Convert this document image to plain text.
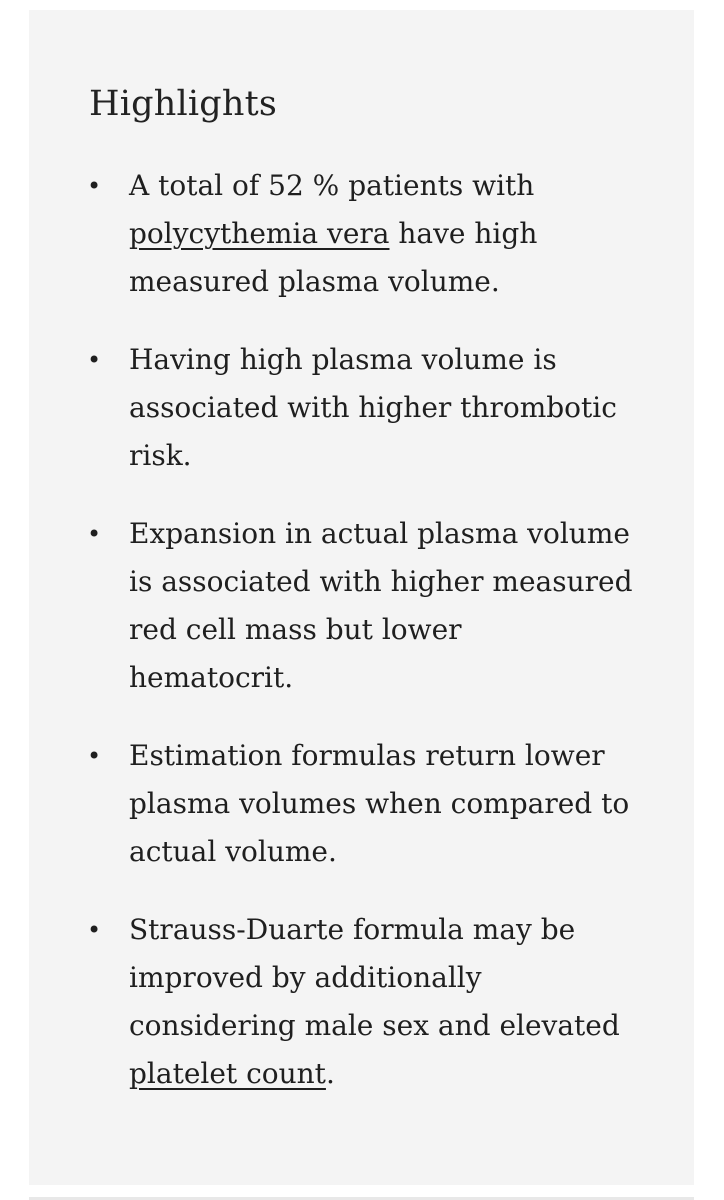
Highlights
• A total of 52 % patients with polycythemia vera have high measured plasma volume.
• Having high plasma volume is associated with higher thrombotic risk.
• Expansion in actual plasma volume is associated with higher measured red cell mass but lower hematocrit.
• Estimation formulas return lower plasma volumes when compared to actual volume.
• Strauss-Duarte formula may be improved by additionally considering male sex and elevated platelet count.
